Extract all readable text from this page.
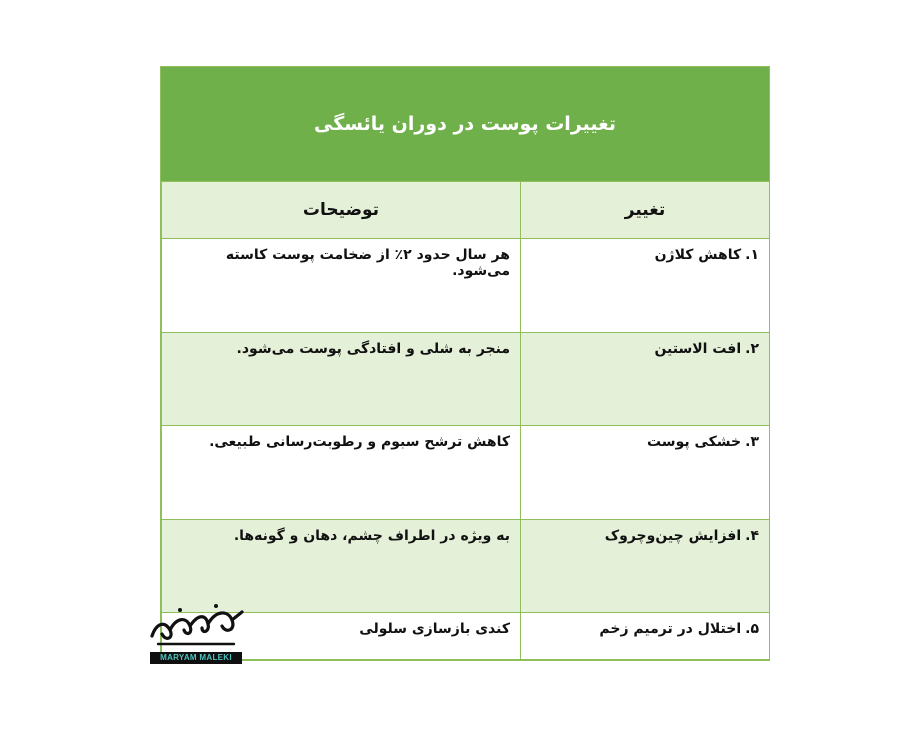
تغییرات پوست در دوران یائسگی
تغییر	توضیحات
۱.کاهش کلاژن	هر سال حدود ۲٪ از ضخامت پوست کاسته می‌شود.
۲.افت الاستین	منجر به شلی و افتادگی پوست می‌شود.
۳.خشکی پوست	کاهش ترشح سبوم و رطوبت‌رسانی طبیعی.
۴.افزایش چین‌وچروک	به ویژه در اطراف چشم، دهان و گونه‌ها.
۵.اختلال در ترمیم زخم	کندی بازسازی سلولی
MARYAM MALEKI
